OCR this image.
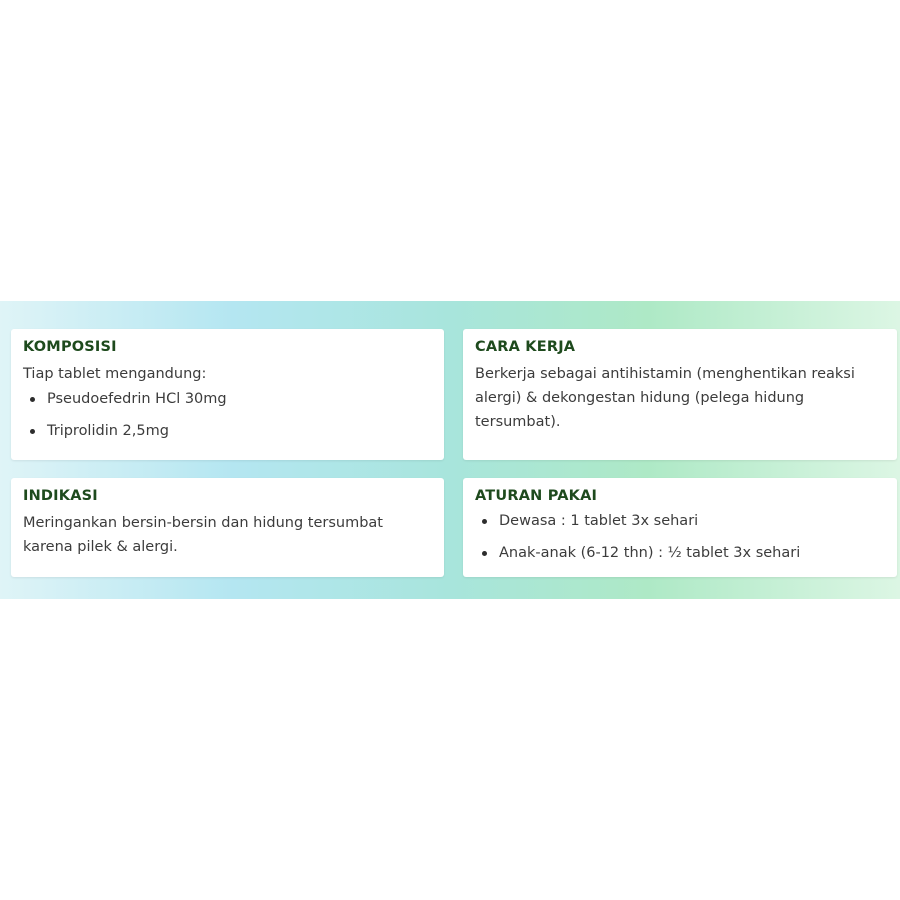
KOMPOSISI

Tiap tablet mengandung:

Pseudoefedrin HCl 30mg
Triprolidin 2,5mg
CARA KERJA

Berkerja sebagai antihistamin (menghentikan reaksi alergi) & dekongestan hidung (pelega hidung tersumbat).

INDIKASI

Meringankan bersin-bersin dan hidung tersumbat karena pilek & alergi.

ATURAN PAKAI
Dewasa : 1 tablet 3x sehari
Anak-anak (6-12 thn) : ½ tablet 3x sehari
